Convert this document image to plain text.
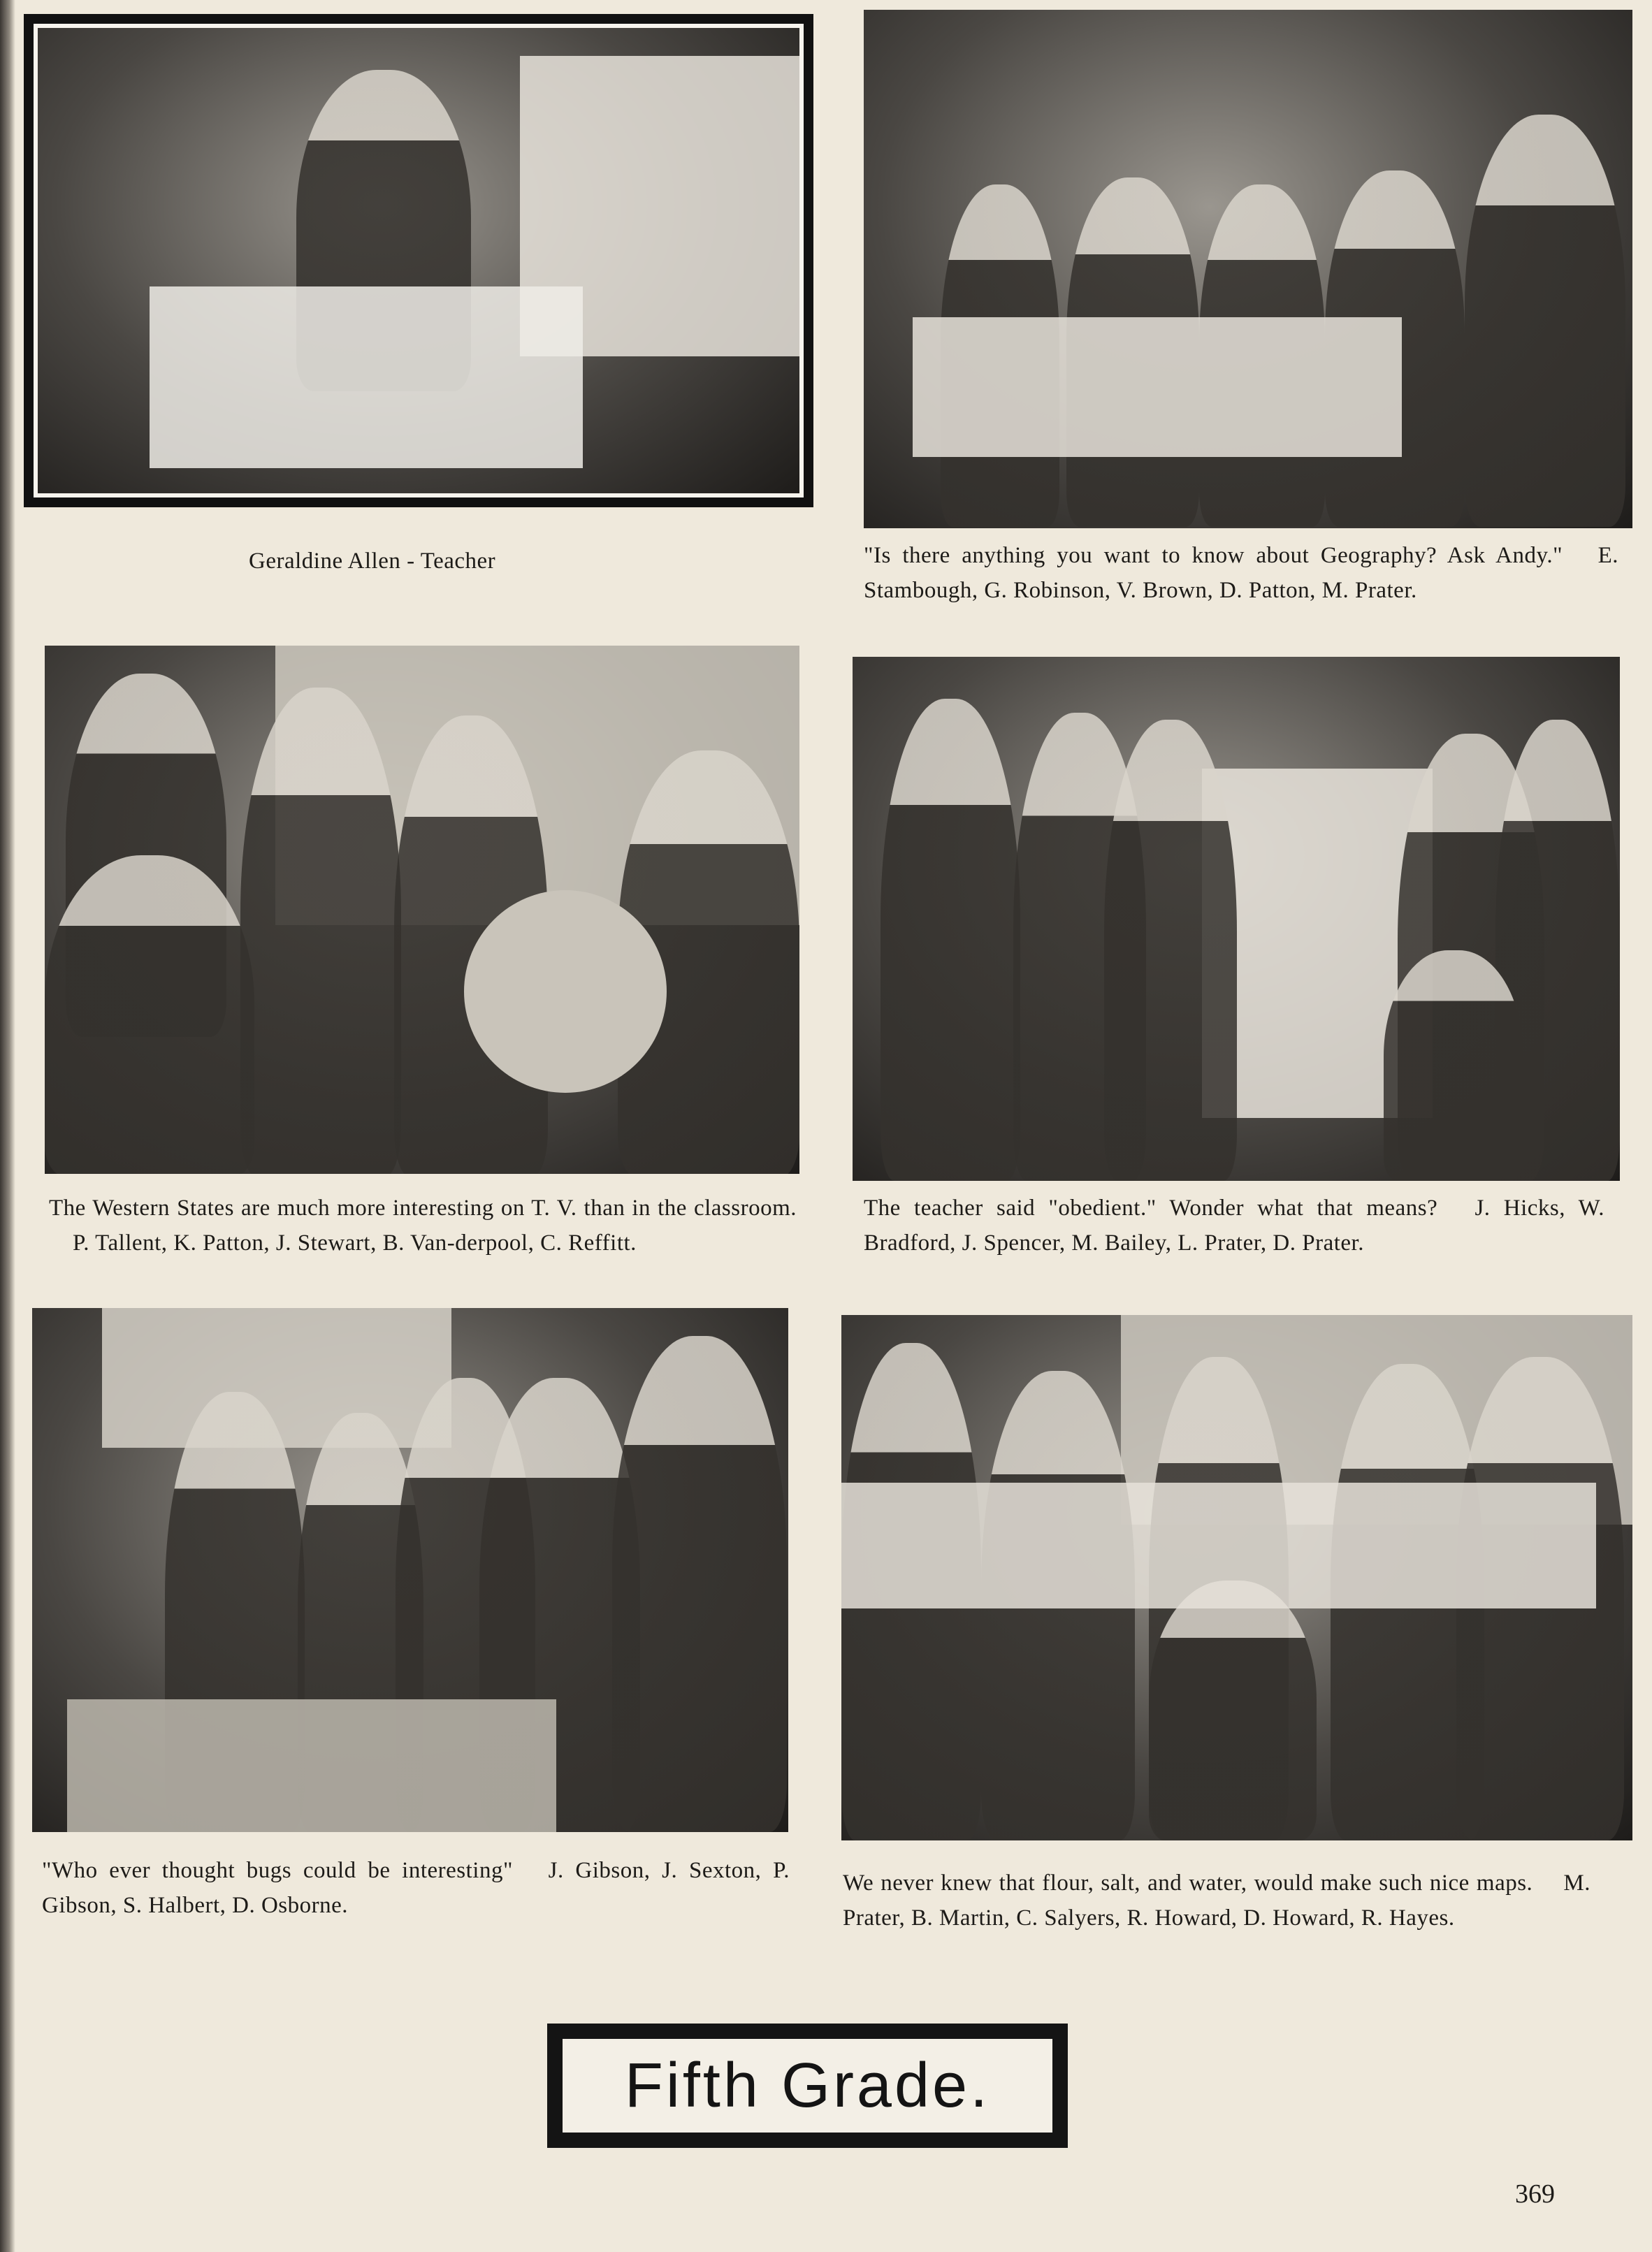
Geraldine Allen - Teacher	"Is there anything you want to know about Geography? Ask Andy." E. Stambough, G. Robinson, V. Brown, D. Patton, M. Prater.
The Western States are much more interesting on T. V. than in the classroom. P. Tallent, K. Patton, J. Stewart, B. Van-derpool, C. Reffitt.
The teacher said "obedient." Wonder what that means? J. Hicks, W. Bradford, J. Spencer, M. Bailey, L. Prater, D. Prater.
"Who ever thought bugs could be interesting" J. Gibson, J. Sexton, P. Gibson, S. Halbert, D. Osborne.
We never knew that flour, salt, and water, would make such nice maps. M. Prater, B. Martin, C. Salyers, R. Howard, D. Howard, R. Hayes.
Fifth Grade.
369
